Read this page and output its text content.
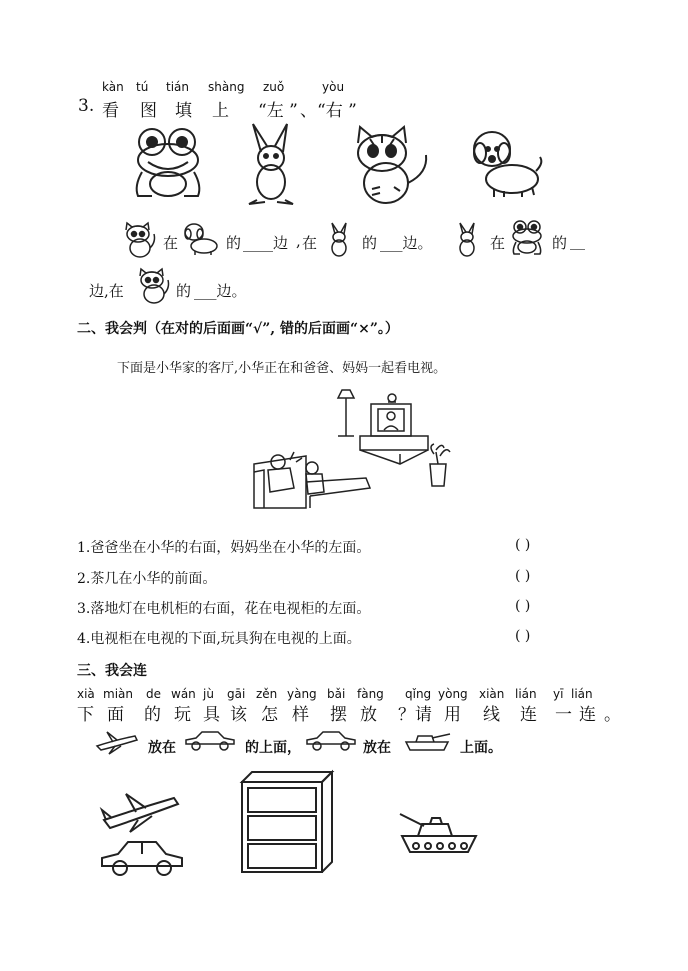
kàn tú tián shàng zuǒ	yòu
3. 看 图 填 上 “左 ” 、“右 ”
在	的 ____边 , 在	的 ___边。	在	的 __
边,在	的 ___边。
二、我会判（在对的后面画“√”, 错的后面画“×”。）
下面是小华家的客厅,小华正在和爸爸、妈妈一起看电视。
1.爸爸坐在小华的右面，妈妈坐在小华的左面。	( )
2.茶几在小华的前面。	( )
3.落地灯在电机柜的右面，花在电视柜的左面。	( )
4.电视柜在电视的下面,玩具狗在电视的上面。	( )
三、我会连
xià miàn de wán jù gāi zěn yàng bǎi fàng qǐng yòng xiàn lián yī lián
下 面 的 玩 具 该 怎 样 摆 放 ？请 用 线 连 一 连 。
放在	的上面，	放在	上面。
